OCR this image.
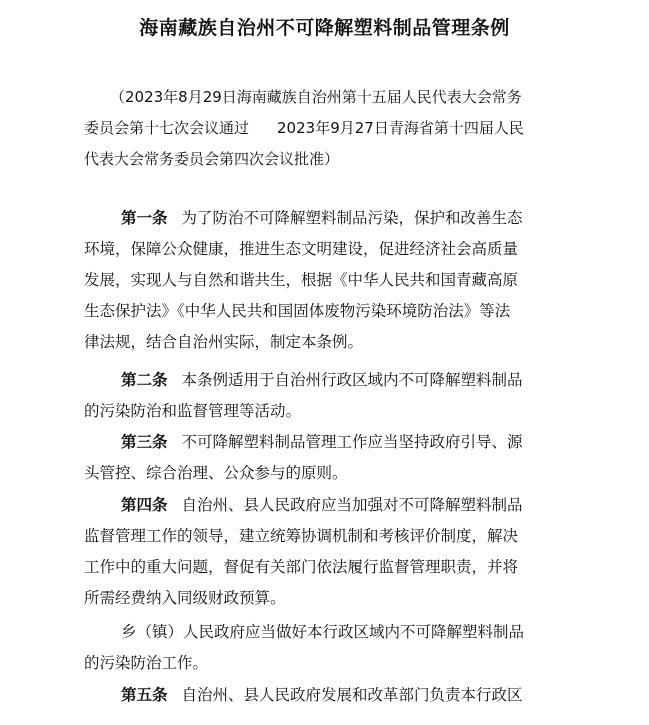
海南藏族自治州不可降解塑料制品管理条例
（2023年8月29日海南藏族自治州第十五届人民代表大会常务
委员会第十七次会议通过 2023年9月27日青海省第十四届人民
代表大会常务委员会第四次会议批准）
第一条 为了防治不可降解塑料制品污染，保护和改善生态
环境，保障公众健康，推进生态文明建设，促进经济社会高质量
发展，实现人与自然和谐共生，根据《中华人民共和国青藏高原
生态保护法》《中华人民共和国固体废物污染环境防治法》等法
律法规，结合自治州实际，制定本条例。
第二条 本条例适用于自治州行政区域内不可降解塑料制品
的污染防治和监督管理等活动。
第三条 不可降解塑料制品管理工作应当坚持政府引导、源
头管控、综合治理、公众参与的原则。
第四条 自治州、县人民政府应当加强对不可降解塑料制品
监督管理工作的领导，建立统筹协调机制和考核评价制度，解决
工作中的重大问题，督促有关部门依法履行监督管理职责，并将
所需经费纳入同级财政预算。
乡（镇）人民政府应当做好本行政区域内不可降解塑料制品
的污染防治工作。
第五条 自治州、县人民政府发展和改革部门负责本行政区
